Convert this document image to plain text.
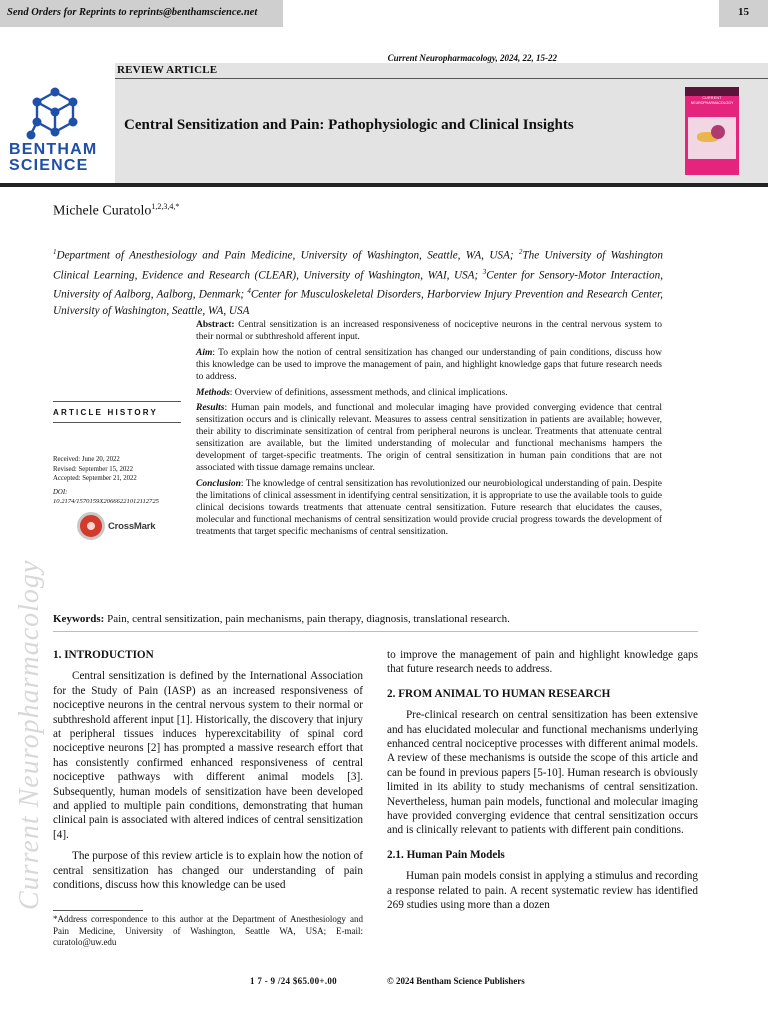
Send Orders for Reprints to reprints@benthamscience.net	15
Current Neuropharmacology, 2024, 22, 15-22
REVIEW ARTICLE
Central Sensitization and Pain: Pathophysiologic and Clinical Insights
BENTHAM
SCIENCE
CURRENT
NEUROPHARMACOLOGY
Michele Curatolo$^{1,2,3,4,*}$
$^1$Department of Anesthesiology and Pain Medicine, University of Washington, Seattle, WA, USA; $^2$The University of Washington Clinical Learning, Evidence and Research (CLEAR), University of Washington, WAI, USA; $^3$Center for Sensory-Motor Interaction, University of Aalborg, Aalborg, Denmark; $^4$Center for Musculoskeletal Disorders, Harborview Injury Prevention and Research Center, University of Washington, Seattle, WA, USA
ARTICLE HISTORY
Received: June 20, 2022
Revised: September 15, 2022
Accepted: September 21, 2022
DOI:
10.2174/1570159X20666221012112725
CrossMark

Abstract: Central sensitization is an increased responsiveness of nociceptive neurons in the central nervous system to their normal or subthreshold afferent input.

Aim: To explain how the notion of central sensitization has changed our understanding of pain conditions, discuss how this knowledge can be used to improve the management of pain, and highlight knowledge gaps that future research needs to address.

Methods: Overview of definitions, assessment methods, and clinical implications.

Results: Human pain models, and functional and molecular imaging have provided converging evidence that central sensitization occurs and is clinically relevant. Measures to assess central sensitization in patients are available; however, their ability to discriminate sensitization of central from peripheral neurons is unclear. Treatments that attenuate central sensitization are available, but the limited understanding of molecular and functional mechanisms hampers the development of target-specific treatments. The origin of central sensitization in human pain conditions that are not associated with tissue damage remains unclear.

Conclusion: The knowledge of central sensitization has revolutionized our neurobiological understanding of pain. Despite the limitations of clinical assessment in identifying central sensitization, it is appropriate to use the available tools to guide clinical decisions towards treatments that attenuate central sensitization. Future research that elucidates the causes, molecular and functional mechanisms of central sensitization would provide crucial progress towards the development of treatments that target specific mechanisms of central sensitization.

Keywords: Pain, central sensitization, pain mechanisms, pain therapy, diagnosis, translational research.
Current Neuropharmacology 1. INTRODUCTION

Central sensitization is defined by the International Association for the Study of Pain (IASP) as an increased responsiveness of nociceptive neurons in the central nervous system to their normal or subthreshold afferent input [1]. Historically, the discovery that injury at peripheral tissues induces hyperexcitability of spinal cord nociceptive neurons [2] has prompted a massive research effort that has consistently confirmed enhanced responsiveness of central nociceptive pathways with different animal models [3]. Subsequently, human models of sensitization have been developed and applied to multiple pain conditions, demonstrating that human clinical pain is associated with altered indices of central sensitization [4].

The purpose of this review article is to explain how the notion of central sensitization has changed our understanding of pain conditions, discuss how this knowledge can be used

to improve the management of pain and highlight knowledge gaps that future research needs to address.

2. FROM ANIMAL TO HUMAN RESEARCH

Pre-clinical research on central sensitization has been extensive and has elucidated molecular and functional mechanisms underlying enhanced central nociceptive processes with different animal models. A review of these mechanisms is outside the scope of this article and can be found in previous papers [5-10]. Human research is obviously limited in its ability to study mechanisms of central sensitization. Nevertheless, human pain models, functional and molecular imaging have provided converging evidence that central sensitization occurs and is clinically relevant to patients with different pain conditions.

2.1. Human Pain Models

Human pain models consist in applying a stimulus and recording a response related to pain. A recent systematic review has identified 269 studies using more than a dozen

*Address correspondence to this author at the Department of Anesthesiology and Pain Medicine, University of Washington, Seattle WA, USA; E-mail: curatolo@uw.edu
1 7 - 9 /24 $65.00+.00	© 2024 Bentham Science Publishers
